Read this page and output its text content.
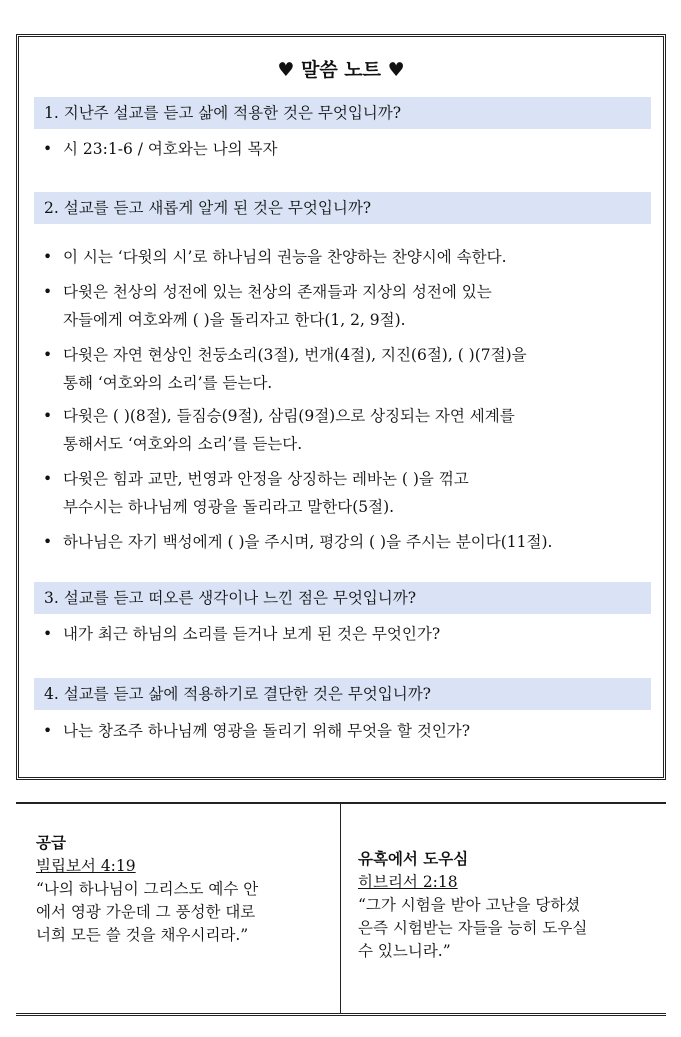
♥ 말씀 노트 ♥
1. 지난주 설교를 듣고 삶에 적용한 것은 무엇입니까?
• 시 23:1-6 / 여호와는 나의 목자
2. 설교를 듣고 새롭게 알게 된 것은 무엇입니까?
• 이 시는 ‘다윗의 시’로 하나님의 권능을 찬양하는 찬양시에 속한다.
• 다윗은 천상의 성전에 있는 천상의 존재들과 지상의 성전에 있는
자들에게 여호와께 ( )을 돌리자고 한다(1, 2, 9절).
• 다윗은 자연 현상인 천둥소리(3절), 번개(4절), 지진(6절), ( )(7절)을
통해 ‘여호와의 소리’를 듣는다.
• 다윗은 ( )(8절), 들짐승(9절), 삼림(9절)으로 상징되는 자연 세계를
통해서도 ‘여호와의 소리’를 듣는다.
• 다윗은 힘과 교만, 번영과 안정을 상징하는 레바논 ( )을 꺾고
부수시는 하나님께 영광을 돌리라고 말한다(5절).
• 하나님은 자기 백성에게 ( )을 주시며, 평강의 ( )을 주시는 분이다(11절).
3. 설교를 듣고 떠오른 생각이나 느낀 점은 무엇입니까?
• 내가 최근 하님의 소리를 듣거나 보게 된 것은 무엇인가?
4. 설교를 듣고 삶에 적용하기로 결단한 것은 무엇입니까?
• 나는 창조주 하나님께 영광을 돌리기 위해 무엇을 할 것인가?
공급
빌립보서 4:19
“나의 하나님이 그리스도 예수 안
에서 영광 가운데 그 풍성한 대로
너희 모든 쓸 것을 채우시리라.”
유혹에서 도우심
히브리서 2:18
“그가 시험을 받아 고난을 당하셨
은즉 시험받는 자들을 능히 도우실
수 있느니라.”
